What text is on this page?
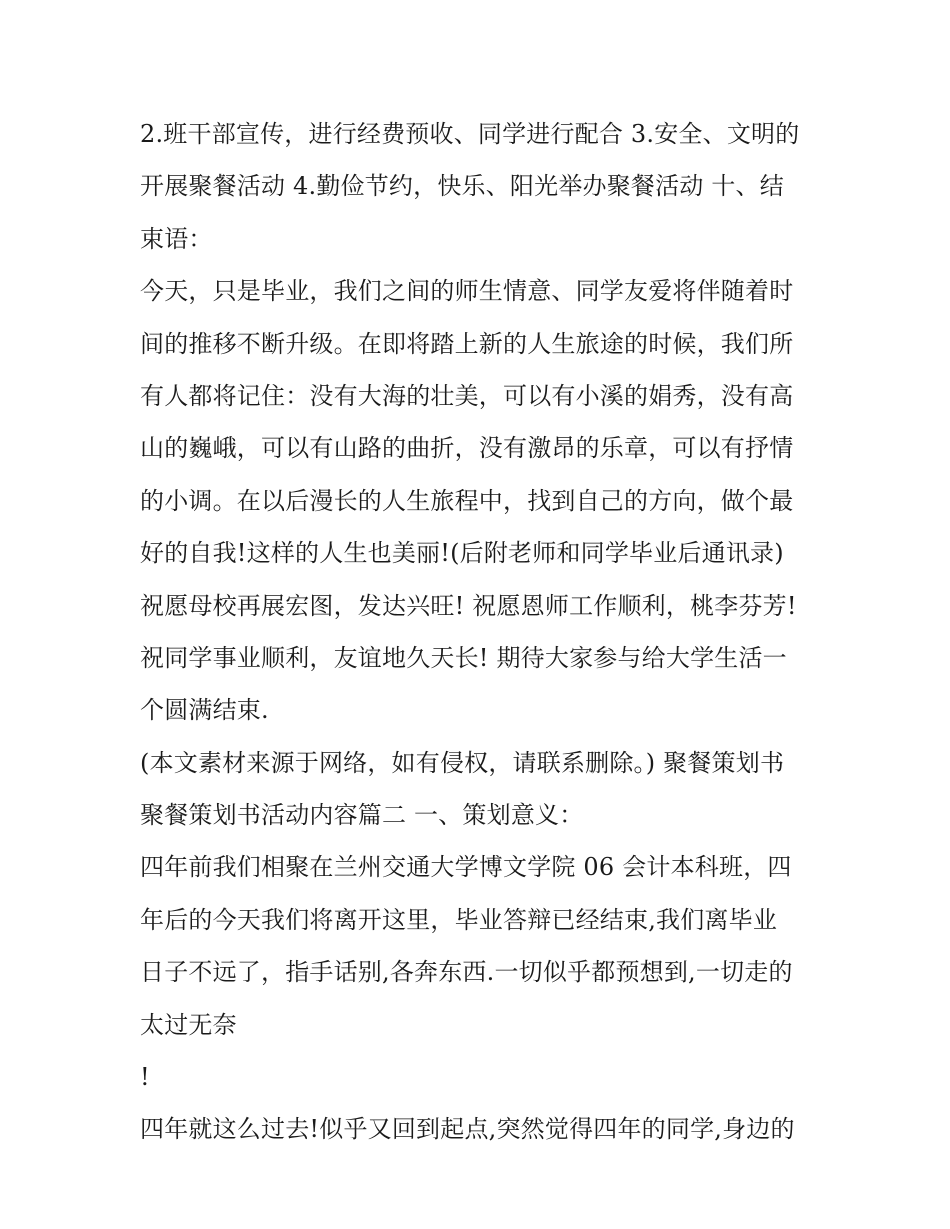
2.班干部宣传，进行经费预收、同学进行配合 3.安全、文明的
开展聚餐活动 4.勤俭节约，快乐、阳光举办聚餐活动 十、结
束语：
今天，只是毕业，我们之间的师生情意、同学友爱将伴随着时
间的推移不断升级。在即将踏上新的人生旅途的时候，我们所
有人都将记住：没有大海的壮美，可以有小溪的娟秀，没有高
山的巍峨，可以有山路的曲折，没有激昂的乐章，可以有抒情
的小调。在以后漫长的人生旅程中，找到自己的方向，做个最
好的自我!这样的人生也美丽!(后附老师和同学毕业后通讯录)
祝愿母校再展宏图，发达兴旺! 祝愿恩师工作顺利，桃李芬芳!
祝同学事业顺利，友谊地久天长! 期待大家参与给大学生活一
个圆满结束.
(本文素材来源于网络，如有侵权，请联系删除。) 聚餐策划书
聚餐策划书活动内容篇二 一、策划意义：
四年前我们相聚在兰州交通大学博文学院 06 会计本科班，四
年后的今天我们将离开这里，毕业答辩已经结束,我们离毕业
日子不远了，指手话别,各奔东西.一切似乎都预想到,一切走的
太过无奈
!
四年就这么过去!似乎又回到起点,突然觉得四年的同学,身边的
